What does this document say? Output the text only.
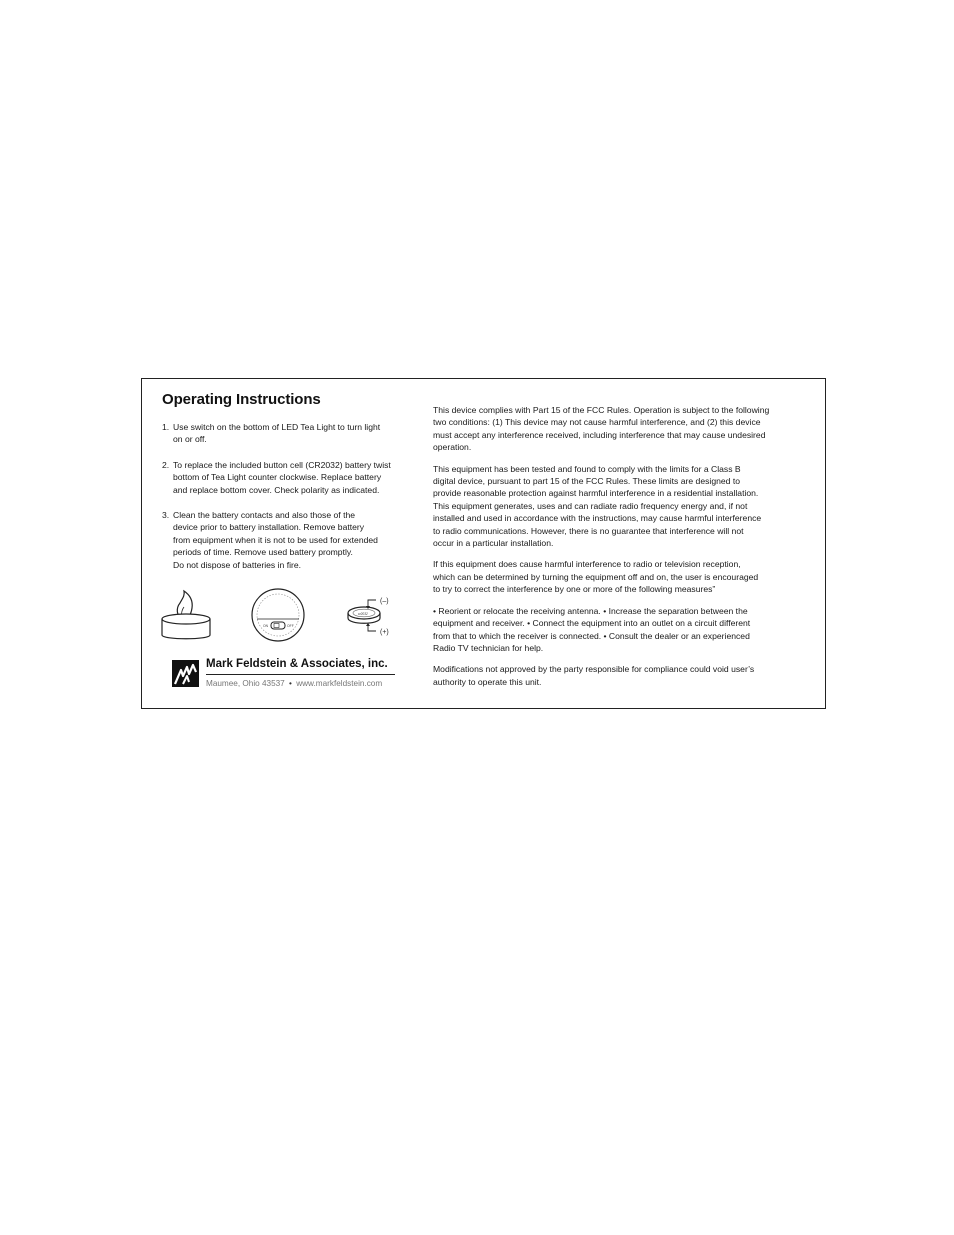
Operating Instructions
1. Use switch on the bottom of LED Tea Light to turn light
on or off.
2. To replace the included button cell (CR2032) battery twist
bottom of Tea Light counter clockwise. Replace battery
and replace bottom cover. Check polarity as indicated.
3. Clean the battery contacts and also those of the
device prior to battery installation. Remove battery
from equipment when it is not to be used for extended
periods of time. Remove used battery promptly.
Do not dispose of batteries in fire.
ON	OFF
cr2032
(–)
(+)
Mark Feldstein & Associates, inc.
Maumee, Ohio 43537 • www.markfeldstein.com

This device complies with Part 15 of the FCC Rules. Operation is subject to the following
two conditions: (1) This device may not cause harmful interference, and (2) this device
must accept any interference received, including interference that may cause undesired
operation.

This equipment has been tested and found to comply with the limits for a Class B
digital device, pursuant to part 15 of the FCC Rules. These limits are designed to
provide reasonable protection against harmful interference in a residential installation.
This equipment generates, uses and can radiate radio frequency energy and, if not
installed and used in accordance with the instructions, may cause harmful interference
to radio communications. However, there is no guarantee that interference will not
occur in a particular installation.

If this equipment does cause harmful interference to radio or television reception,
which can be determined by turning the equipment off and on, the user is encouraged
to try to correct the interference by one or more of the following measures”

• Reorient or relocate the receiving antenna. • Increase the separation between the
equipment and receiver. • Connect the equipment into an outlet on a circuit different
from that to which the receiver is connected. • Consult the dealer or an experienced
Radio TV technician for help.

Modifications not approved by the party responsible for compliance could void user’s
authority to operate this unit.
